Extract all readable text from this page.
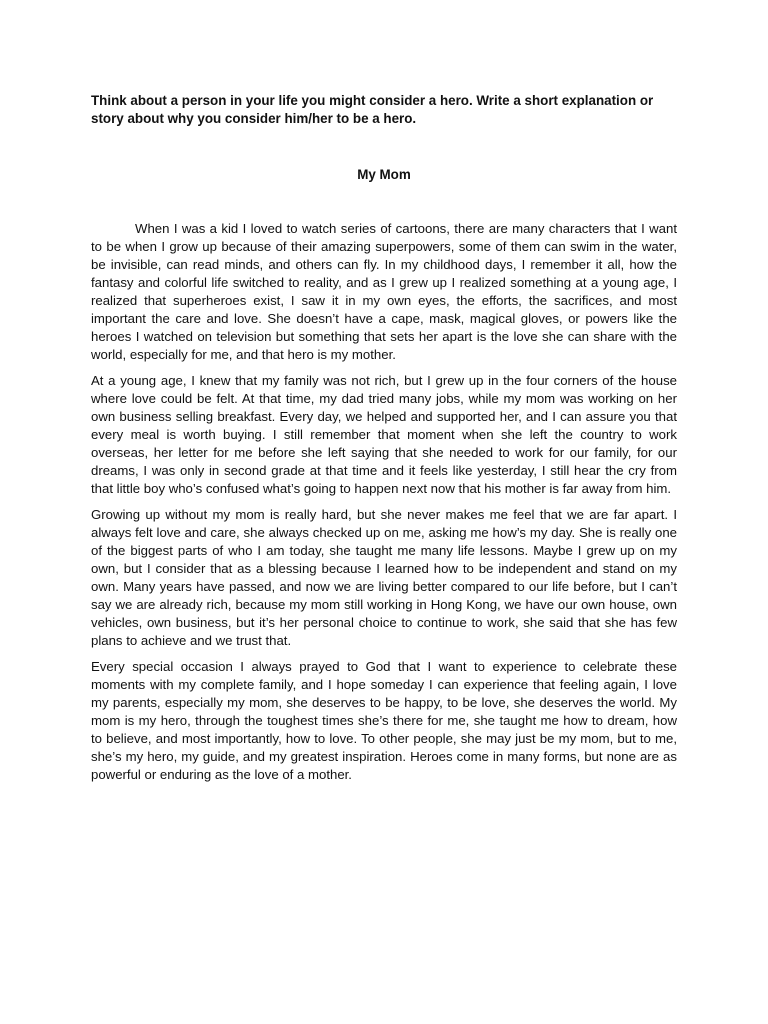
Think about a person in your life you might consider a hero. Write a short explanation or story about why you consider him/her to be a hero.

My Mom

When I was a kid I loved to watch series of cartoons, there are many characters that I want to be when I grow up because of their amazing superpowers, some of them can swim in the water, be invisible, can read minds, and others can fly. In my childhood days, I remember it all, how the fantasy and colorful life switched to reality, and as I grew up I realized something at a young age, I realized that superheroes exist, I saw it in my own eyes, the efforts, the sacrifices, and most important the care and love. She doesn’t have a cape, mask, magical gloves, or powers like the heroes I watched on television but something that sets her apart is the love she can share with the world, especially for me, and that hero is my mother.

At a young age, I knew that my family was not rich, but I grew up in the four corners of the house where love could be felt. At that time, my dad tried many jobs, while my mom was working on her own business selling breakfast. Every day, we helped and supported her, and I can assure you that every meal is worth buying. I still remember that moment when she left the country to work overseas, her letter for me before she left saying that she needed to work for our family, for our dreams, I was only in second grade at that time and it feels like yesterday, I still hear the cry from that little boy who’s confused what’s going to happen next now that his mother is far away from him.

Growing up without my mom is really hard, but she never makes me feel that we are far apart. I always felt love and care, she always checked up on me, asking me how’s my day. She is really one of the biggest parts of who I am today, she taught me many life lessons. Maybe I grew up on my own, but I consider that as a blessing because I learned how to be independent and stand on my own. Many years have passed, and now we are living better compared to our life before, but I can’t say we are already rich, because my mom still working in Hong Kong, we have our own house, own vehicles, own business, but it’s her personal choice to continue to work, she said that she has few plans to achieve and we trust that.

Every special occasion I always prayed to God that I want to experience to celebrate these moments with my complete family, and I hope someday I can experience that feeling again, I love my parents, especially my mom, she deserves to be happy, to be love, she deserves the world. My mom is my hero, through the toughest times she’s there for me, she taught me how to dream, how to believe, and most importantly, how to love. To other people, she may just be my mom, but to me, she’s my hero, my guide, and my greatest inspiration. Heroes come in many forms, but none are as powerful or enduring as the love of a mother.
